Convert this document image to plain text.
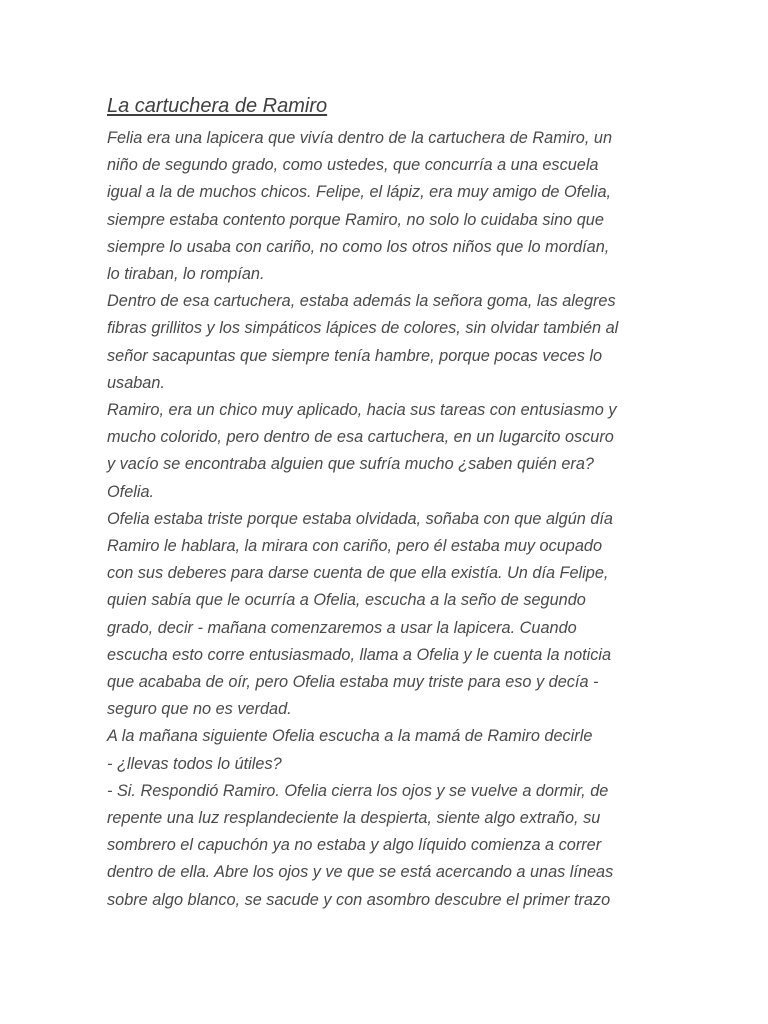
La cartuchera de Ramiro

Felia era una lapicera que vivía dentro de la cartuchera de Ramiro, un
niño de segundo grado, como ustedes, que concurría a una escuela
igual a la de muchos chicos. Felipe, el lápiz, era muy amigo de Ofelia,
siempre estaba contento porque Ramiro, no solo lo cuidaba sino que
siempre lo usaba con cariño, no como los otros niños que lo mordían,
lo tiraban, lo rompían.
Dentro de esa cartuchera, estaba además la señora goma, las alegres
fibras grillitos y los simpáticos lápices de colores, sin olvidar también al
señor sacapuntas que siempre tenía hambre, porque pocas veces lo
usaban.
Ramiro, era un chico muy aplicado, hacia sus tareas con entusiasmo y
mucho colorido, pero dentro de esa cartuchera, en un lugarcito oscuro
y vacío se encontraba alguien que sufría mucho ¿saben quién era?
Ofelia.
Ofelia estaba triste porque estaba olvidada, soñaba con que algún día
Ramiro le hablara, la mirara con cariño, pero él estaba muy ocupado
con sus deberes para darse cuenta de que ella existía. Un día Felipe,
quien sabía que le ocurría a Ofelia, escucha a la seño de segundo
grado, decir - mañana comenzaremos a usar la lapicera. Cuando
escucha esto corre entusiasmado, llama a Ofelia y le cuenta la noticia
que acababa de oír, pero Ofelia estaba muy triste para eso y decía -
seguro que no es verdad.
A la mañana siguiente Ofelia escucha a la mamá de Ramiro decirle
- ¿llevas todos lo útiles?
- Si. Respondió Ramiro. Ofelia cierra los ojos y se vuelve a dormir, de
repente una luz resplandeciente la despierta, siente algo extraño, su
sombrero el capuchón ya no estaba y algo líquido comienza a correr
dentro de ella. Abre los ojos y ve que se está acercando a unas líneas
sobre algo blanco, se sacude y con asombro descubre el primer trazo
